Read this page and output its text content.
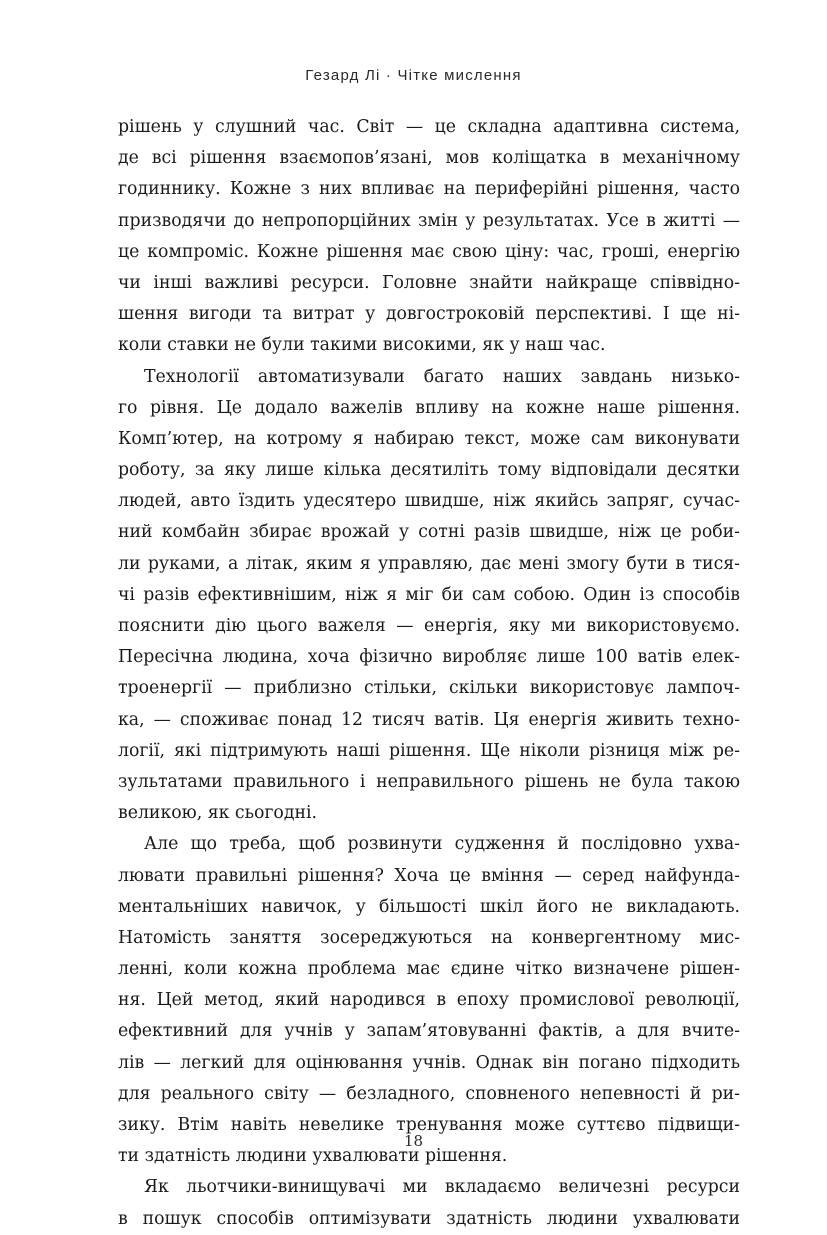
Гезард Лі · Чітке мислення
рішень у слушний час. Світ — це складна адаптивна система,
де всі рішення взаємопов’язані, мов коліщатка в механічному
годиннику. Кожне з них впливає на периферійні рішення, часто
призводячи до непропорційних змін у результатах. Усе в житті —
це компроміс. Кожне рішення має свою ціну: час, гроші, енергію
чи інші важливі ресурси. Головне знайти найкраще співвідно-
шення вигоди та витрат у довгостроковій перспективі. І ще ні-
коли ставки не були такими високими, як у наш час.
Технології автоматизували багато наших завдань низько-
го рівня. Це додало важелів впливу на кожне наше рішення.
Комп’ютер, на котрому я набираю текст, може сам виконувати
роботу, за яку лише кілька десятиліть тому відповідали десятки
людей, авто їздить удесятеро швидше, ніж якийсь запряг, сучас-
ний комбайн збирає врожай у сотні разів швидше, ніж це роби-
ли руками, а літак, яким я управляю, дає мені змогу бути в тися-
чі разів ефективнішим, ніж я міг би сам собою. Один із способів
пояснити дію цього важеля — енергія, яку ми використовуємо.
Пересічна людина, хоча фізично виробляє лише 100 ватів елек-
троенергії — приблизно стільки, скільки використовує лампоч-
ка, — споживає понад 12 тисяч ватів. Ця енергія живить техно-
логії, які підтримують наші рішення. Ще ніколи різниця між ре-
зультатами правильного і неправильного рішень не була такою
великою, як сьогодні.
Але що треба, щоб розвинути судження й послідовно ухва-
лювати правильні рішення? Хоча це вміння — серед найфунда-
ментальніших навичок, у більшості шкіл його не викладають.
Натомість заняття зосереджуються на конвергентному мис-
ленні, коли кожна проблема має єдине чітко визначене рішен-
ня. Цей метод, який народився в епоху промислової революції,
ефективний для учнів у запам’ятовуванні фактів, а для вчите-
лів — легкий для оцінювання учнів. Однак він погано підходить
для реального світу — безладного, сповненого непевності й ри-
зику. Втім навіть невелике тренування може суттєво підвищи-
ти здатність людини ухвалювати рішення.
Як льотчики-винищувачі ми вкладаємо величезні ресурси
в пошук способів оптимізувати здатність людини ухвалювати
18
